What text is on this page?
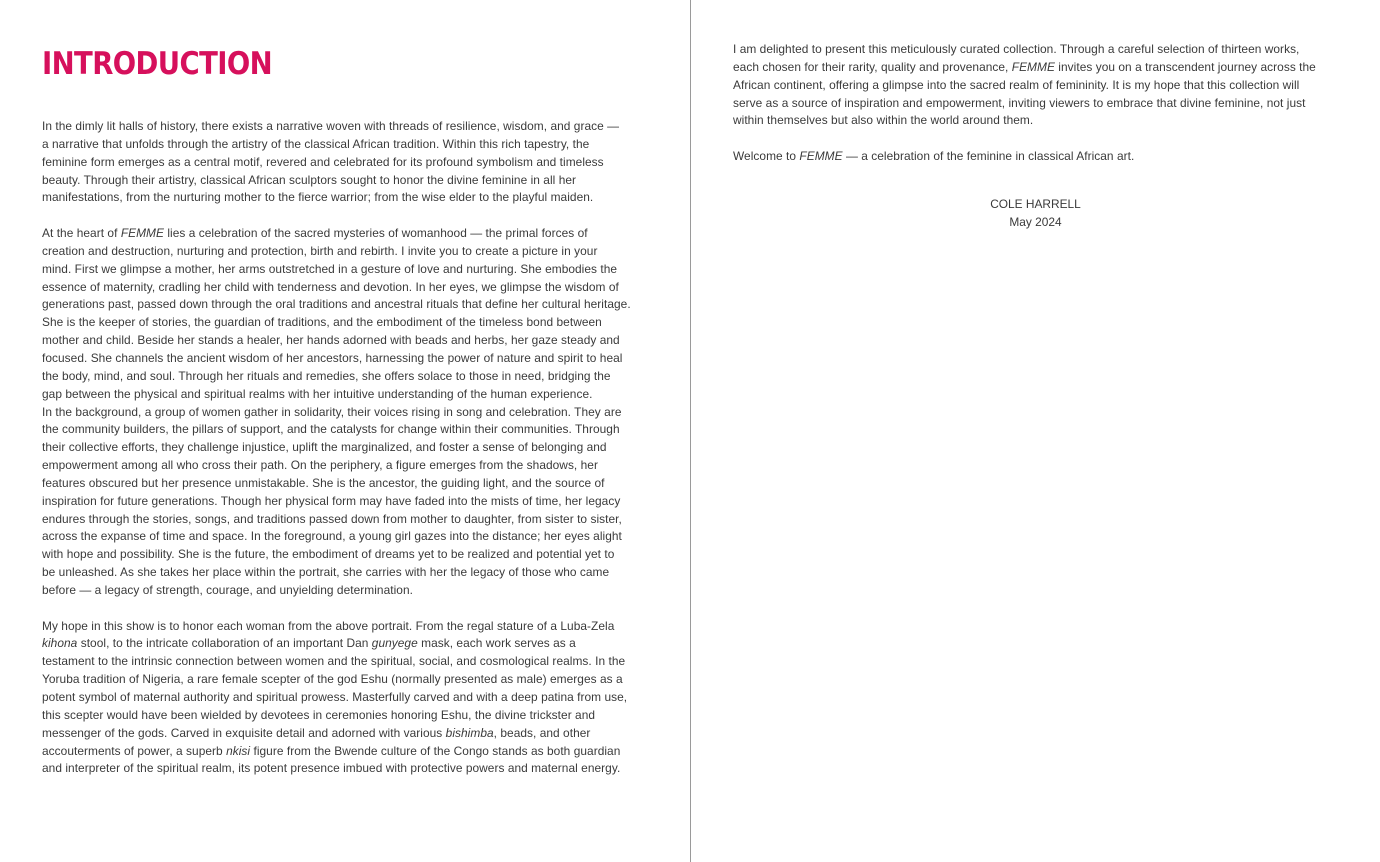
INTRODUCTION

In the dimly lit halls of history, there exists a narrative woven with threads of resilience, wisdom, and grace —
a narrative that unfolds through the artistry of the classical African tradition. Within this rich tapestry, the
feminine form emerges as a central motif, revered and celebrated for its profound symbolism and timeless
beauty. Through their artistry, classical African sculptors sought to honor the divine feminine in all her
manifestations, from the nurturing mother to the fierce warrior; from the wise elder to the playful maiden.

At the heart of FEMME lies a celebration of the sacred mysteries of womanhood — the primal forces of
creation and destruction, nurturing and protection, birth and rebirth. I invite you to create a picture in your
mind. First we glimpse a mother, her arms outstretched in a gesture of love and nurturing. She embodies the
essence of maternity, cradling her child with tenderness and devotion. In her eyes, we glimpse the wisdom of
generations past, passed down through the oral traditions and ancestral rituals that define her cultural heritage.
She is the keeper of stories, the guardian of traditions, and the embodiment of the timeless bond between
mother and child. Beside her stands a healer, her hands adorned with beads and herbs, her gaze steady and
focused. She channels the ancient wisdom of her ancestors, harnessing the power of nature and spirit to heal
the body, mind, and soul. Through her rituals and remedies, she offers solace to those in need, bridging the
gap between the physical and spiritual realms with her intuitive understanding of the human experience.
In the background, a group of women gather in solidarity, their voices rising in song and celebration. They are
the community builders, the pillars of support, and the catalysts for change within their communities. Through
their collective efforts, they challenge injustice, uplift the marginalized, and foster a sense of belonging and
empowerment among all who cross their path. On the periphery, a figure emerges from the shadows, her
features obscured but her presence unmistakable. She is the ancestor, the guiding light, and the source of
inspiration for future generations. Though her physical form may have faded into the mists of time, her legacy
endures through the stories, songs, and traditions passed down from mother to daughter, from sister to sister,
across the expanse of time and space. In the foreground, a young girl gazes into the distance; her eyes alight
with hope and possibility. She is the future, the embodiment of dreams yet to be realized and potential yet to
be unleashed. As she takes her place within the portrait, she carries with her the legacy of those who came
before — a legacy of strength, courage, and unyielding determination.

My hope in this show is to honor each woman from the above portrait. From the regal stature of a Luba-Zela
kihona stool, to the intricate collaboration of an important Dan gunyege mask, each work serves as a
testament to the intrinsic connection between women and the spiritual, social, and cosmological realms. In the
Yoruba tradition of Nigeria, a rare female scepter of the god Eshu (normally presented as male) emerges as a
potent symbol of maternal authority and spiritual prowess. Masterfully carved and with a deep patina from use,
this scepter would have been wielded by devotees in ceremonies honoring Eshu, the divine trickster and
messenger of the gods. Carved in exquisite detail and adorned with various bishimba, beads, and other
accouterments of power, a superb nkisi figure from the Bwende culture of the Congo stands as both guardian
and interpreter of the spiritual realm, its potent presence imbued with protective powers and maternal energy.

I am delighted to present this meticulously curated collection. Through a careful selection of thirteen works,
each chosen for their rarity, quality and provenance, FEMME invites you on a transcendent journey across the
African continent, offering a glimpse into the sacred realm of femininity. It is my hope that this collection will
serve as a source of inspiration and empowerment, inviting viewers to embrace that divine feminine, not just
within themselves but also within the world around them.

Welcome to FEMME — a celebration of the feminine in classical African art.

COLE HARRELL
May 2024
